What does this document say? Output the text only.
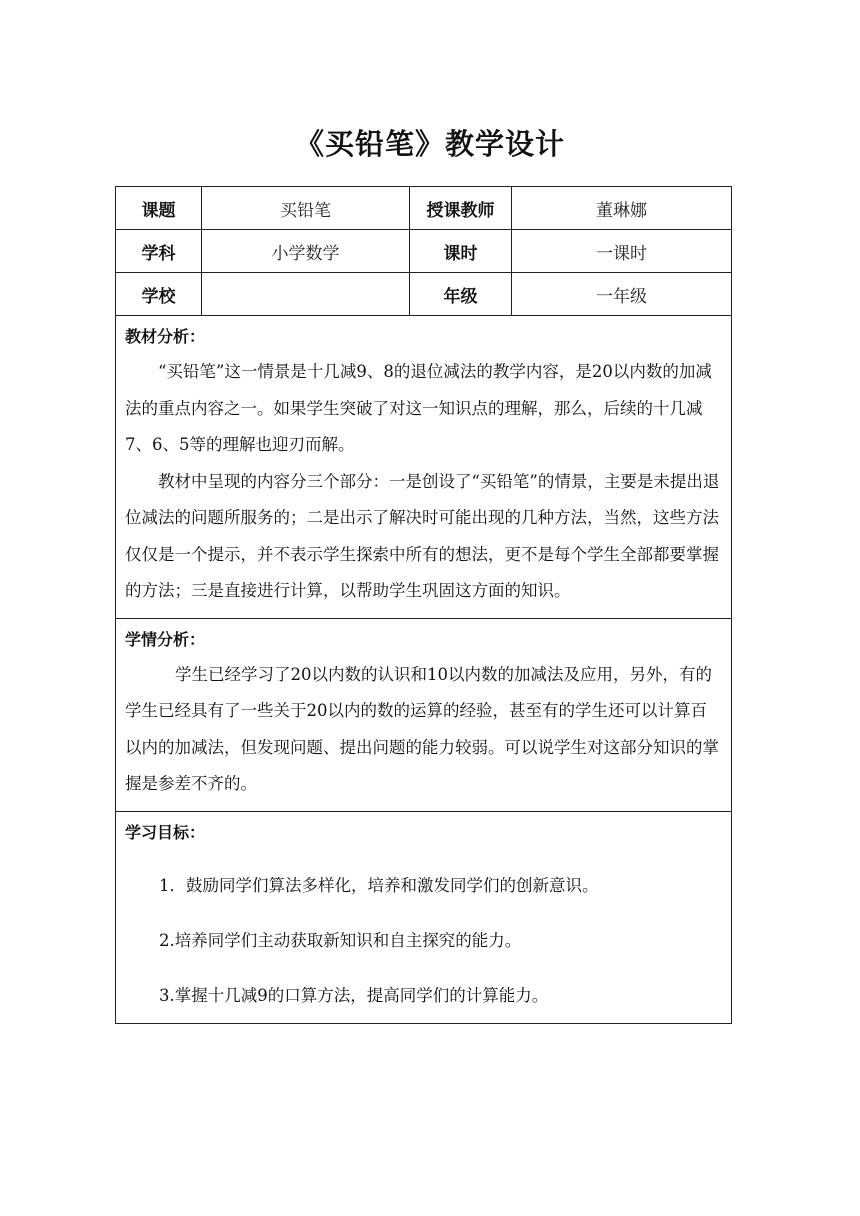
《买铅笔》教学设计
课题	买铅笔	授课教师	董琳娜
学科	小学数学	课时	一课时
学校		年级	一年级

教材分析：

“买铅笔”这一情景是十几减9、8的退位减法的教学内容，是20以内数的加减法的重点内容之一。如果学生突破了对这一知识点的理解，那么，后续的十几减7、6、5等的理解也迎刃而解。

教材中呈现的内容分三个部分：一是创设了“买铅笔”的情景，主要是未提出退位减法的问题所服务的；二是出示了解决时可能出现的几种方法，当然，这些方法仅仅是一个提示，并不表示学生探索中所有的想法，更不是每个学生全部都要掌握的方法；三是直接进行计算，以帮助学生巩固这方面的知识。			

学情分析：

学生已经学习了20以内数的认识和10以内数的加减法及应用，另外，有的学生已经具有了一些关于20以内的数的运算的经验，甚至有的学生还可以计算百以内的加减法，但发现问题、提出问题的能力较弱。可以说学生对这部分知识的掌握是参差不齐的。			

学习目标：

1．鼓励同学们算法多样化，培养和激发同学们的创新意识。

2.培养同学们主动获取新知识和自主探究的能力。

3.掌握十几减9的口算方法，提高同学们的计算能力。			
